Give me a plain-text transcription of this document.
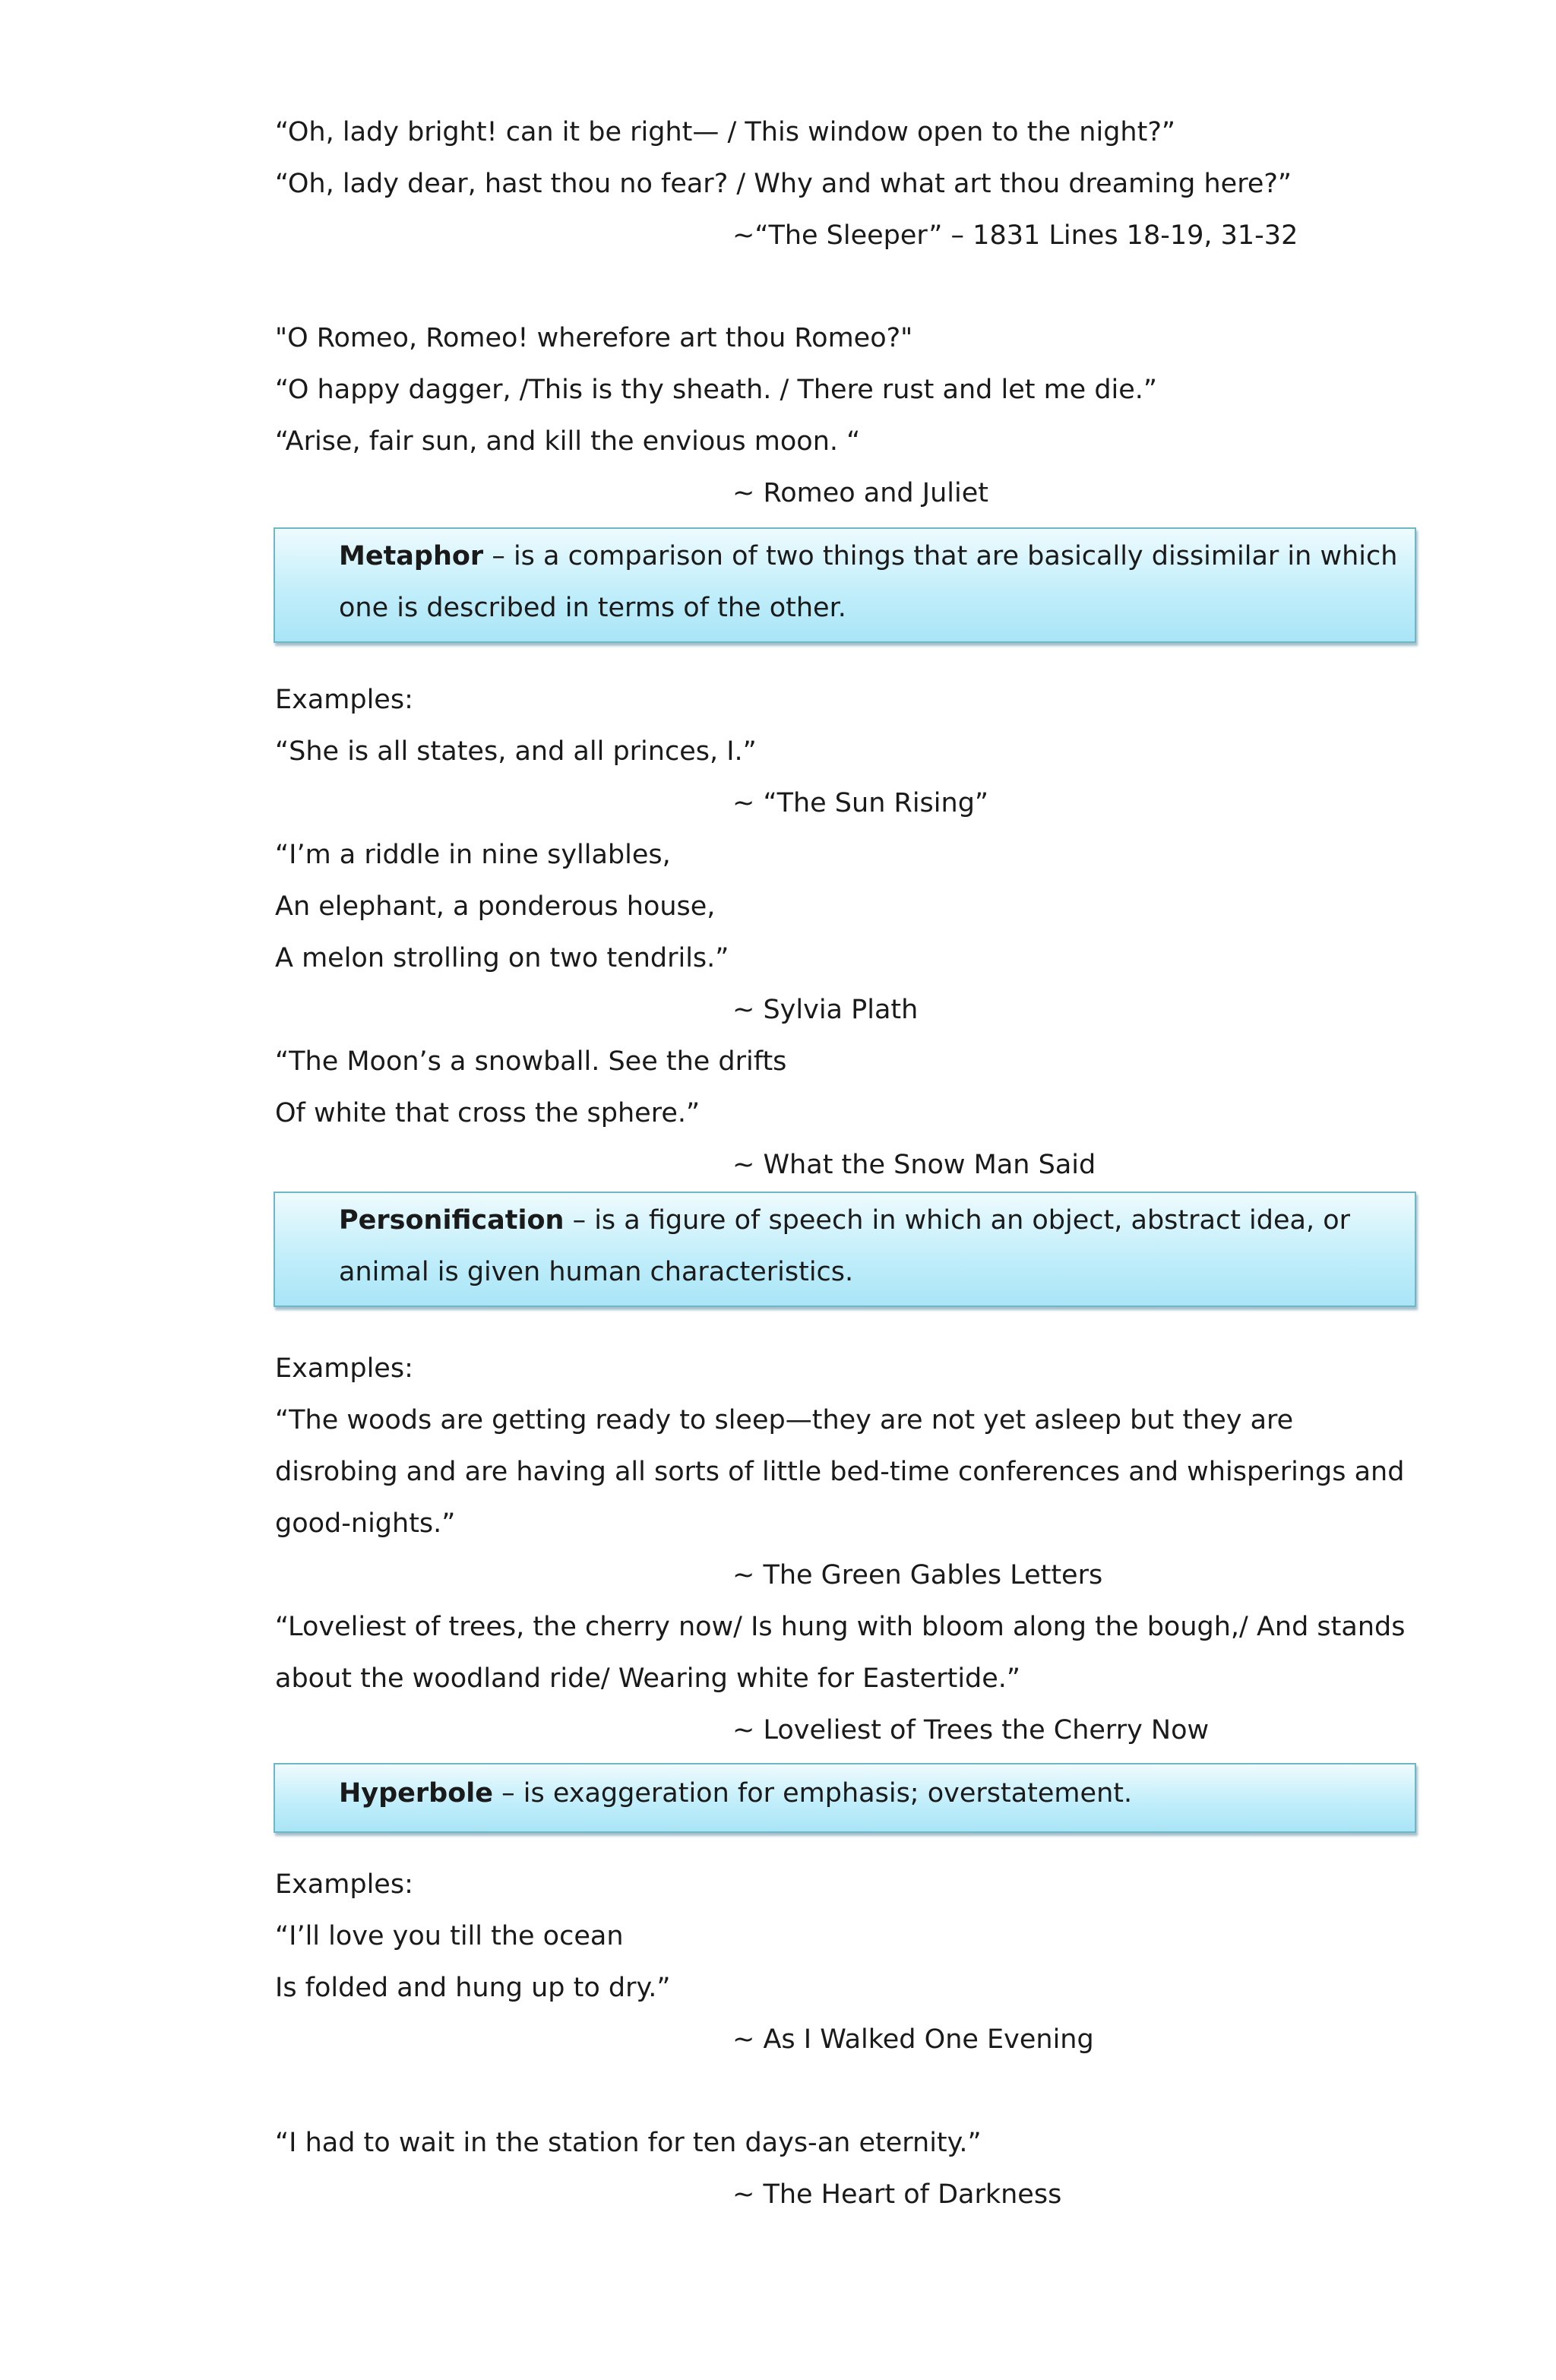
“Oh, lady bright! can it be right— / This window open to the night?”
“Oh, lady dear, hast thou no fear? / Why and what art thou dreaming here?”
~“The Sleeper” – 1831 Lines 18-19, 31-32
"O Romeo, Romeo! wherefore art thou Romeo?"
“O happy dagger, /This is thy sheath. / There rust and let me die.”
“Arise, fair sun, and kill the envious moon. “
~ Romeo and Juliet
Metaphor – is a comparison of two things that are basically dissimilar in which
one is described in terms of the other.
Examples:
“She is all states, and all princes, I.”
~ “The Sun Rising”
“I’m a riddle in nine syllables,
An elephant, a ponderous house,
A melon strolling on two tendrils.”
~ Sylvia Plath
“The Moon’s a snowball. See the drifts
Of white that cross the sphere.”
~ What the Snow Man Said
Personification – is a figure of speech in which an object, abstract idea, or
animal is given human characteristics.
Examples:
“The woods are getting ready to sleep—they are not yet asleep but they are
disrobing and are having all sorts of little bed-time conferences and whisperings and
good-nights.”
~ The Green Gables Letters
“Loveliest of trees, the cherry now/ Is hung with bloom along the bough,/ And stands
about the woodland ride/ Wearing white for Eastertide.”
~ Loveliest of Trees the Cherry Now
Hyperbole – is exaggeration for emphasis; overstatement.
Examples:
“I’ll love you till the ocean
Is folded and hung up to dry.”
~ As I Walked One Evening
“I had to wait in the station for ten days-an eternity.”
~ The Heart of Darkness
